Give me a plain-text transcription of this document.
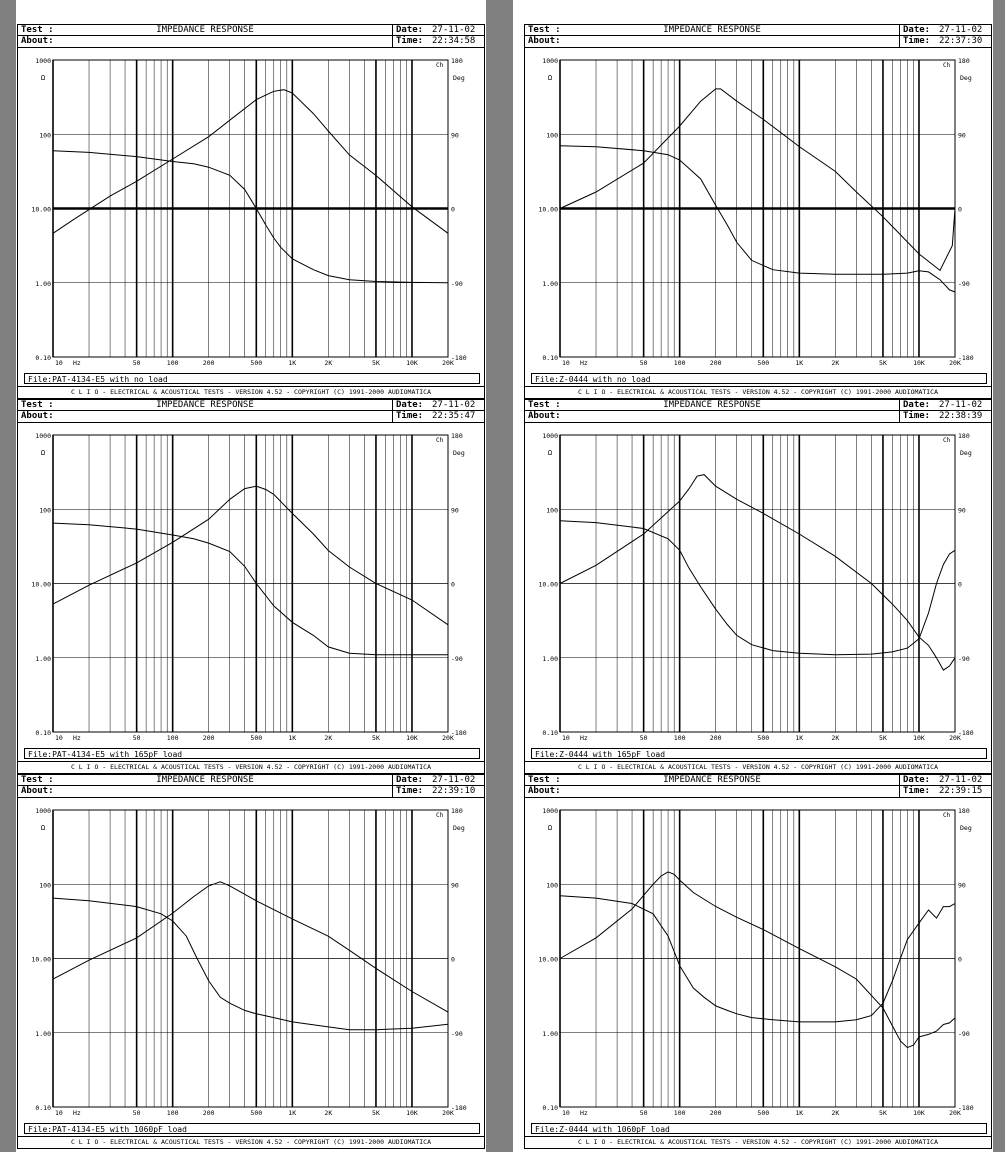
Test :
About:
IMPEDANCE RESPONSE	Date: 27-11-02
Time: 22:34:58
1000
100
10.00
1.00
0.10
180
90
0
-90
-180
50	100	200	500	1K	2K	5K	10K	20K
10 Hz
Ω	Deg
Ch
File:PAT-4134-E5 with no load
C L I O - ELECTRICAL & ACOUSTICAL TESTS - VERSION 4.52 - COPYRIGHT (C) 1991-2000 AUDIOMATICA
Test :
About:
IMPEDANCE RESPONSE	Date: 27-11-02
Time: 22:37:30
1000
100
10.00
1.00
0.10
180
90
0
-90
-180
50	100	200	500	1K	2K	5K	10K	20K
10 Hz
Ω	Deg
Ch
File:Z-0444 with no load
C L I O - ELECTRICAL & ACOUSTICAL TESTS - VERSION 4.52 - COPYRIGHT (C) 1991-2000 AUDIOMATICA
Test :
About:
IMPEDANCE RESPONSE	Date: 27-11-02
Time: 22:35:47
1000
100
10.00
1.00
0.10
180
90
0
-90
-180
50	100	200	500	1K	2K	5K	10K	20K
10 Hz
Ω	Deg
Ch
File:PAT-4134-E5 with 165pF load
C L I O - ELECTRICAL & ACOUSTICAL TESTS - VERSION 4.52 - COPYRIGHT (C) 1991-2000 AUDIOMATICA
Test :
About:
IMPEDANCE RESPONSE	Date: 27-11-02
Time: 22:38:39
1000
100
10.00
1.00
0.10
180
90
0
-90
-180
50	100	200	500	1K	2K	5K	10K	20K
10 Hz
Ω	Deg
Ch
File:Z-0444 with 165pF load
C L I O - ELECTRICAL & ACOUSTICAL TESTS - VERSION 4.52 - COPYRIGHT (C) 1991-2000 AUDIOMATICA
Test :
About:
IMPEDANCE RESPONSE	Date: 27-11-02
Time: 22:39:10
1000
100
10.00
1.00
0.10
180
90
0
-90
-180
50	100	200	500	1K	2K	5K	10K	20K
10 Hz
Ω	Deg
Ch
File:PAT-4134-E5 with 1060pF load
C L I O - ELECTRICAL & ACOUSTICAL TESTS - VERSION 4.52 - COPYRIGHT (C) 1991-2000 AUDIOMATICA
Test :
About:
IMPEDANCE RESPONSE	Date: 27-11-02
Time: 22:39:15
1000
100
10.00
1.00
0.10
180
90
0
-90
-180
50	100	200	500	1K	2K	5K	10K	20K
10 Hz
Ω	Deg
Ch
File:Z-0444 with 1060pF load
C L I O - ELECTRICAL & ACOUSTICAL TESTS - VERSION 4.52 - COPYRIGHT (C) 1991-2000 AUDIOMATICA
